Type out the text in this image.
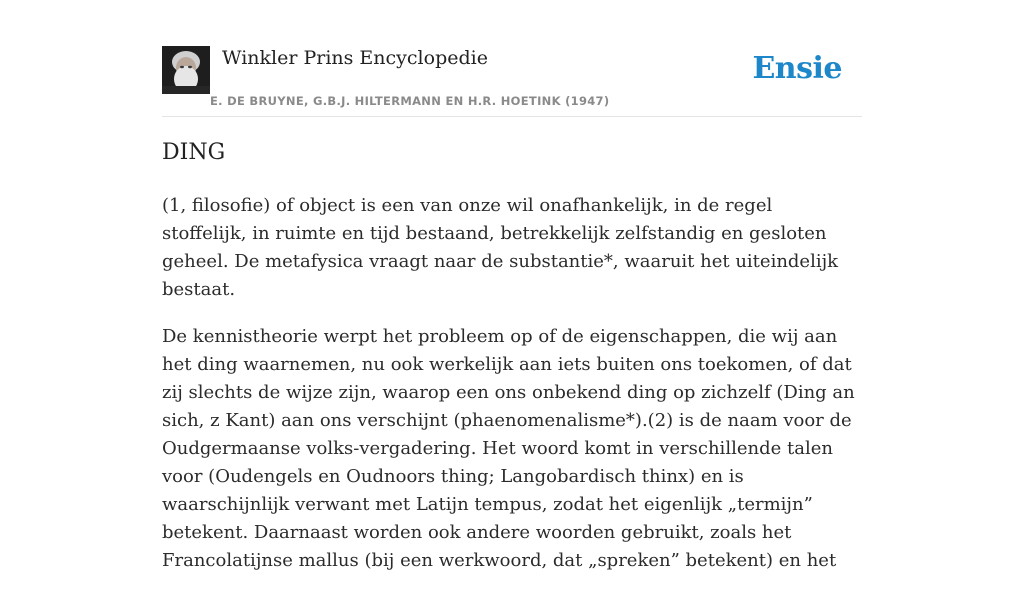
Winkler Prins Encyclopedie
E. DE BRUYNE, G.B.J. HILTERMANN EN H.R. HOETINK (1947)
Ensie
DING

(1, filosofie) of object is een van onze wil onafhankelijk, in de regel stoffelijk, in ruimte en tijd bestaand, betrekkelijk zelfstandig en gesloten geheel. De metafysica vraagt naar de substantie*, waaruit het uiteindelijk bestaat.

De kennistheorie werpt het probleem op of de eigenschappen, die wij aan het ding waarnemen, nu ook werkelijk aan iets buiten ons toekomen, of dat zij slechts de wijze zijn, waarop een ons onbekend ding op zichzelf (Ding an sich, z Kant) aan ons verschijnt (phaenomenalisme*).(2) is de naam voor de Oudgermaanse volks-vergadering. Het woord komt in verschillende talen voor (Oudengels en Oudnoors thing; Langobardisch thinx) en is waarschijnlijk verwant met Latijn tempus, zodat het eigenlijk „termijn” betekent. Daarnaast worden ook andere woorden gebruikt, zoals het Francolatijnse mallus (bij een werkwoord, dat „spreken” betekent) en het
